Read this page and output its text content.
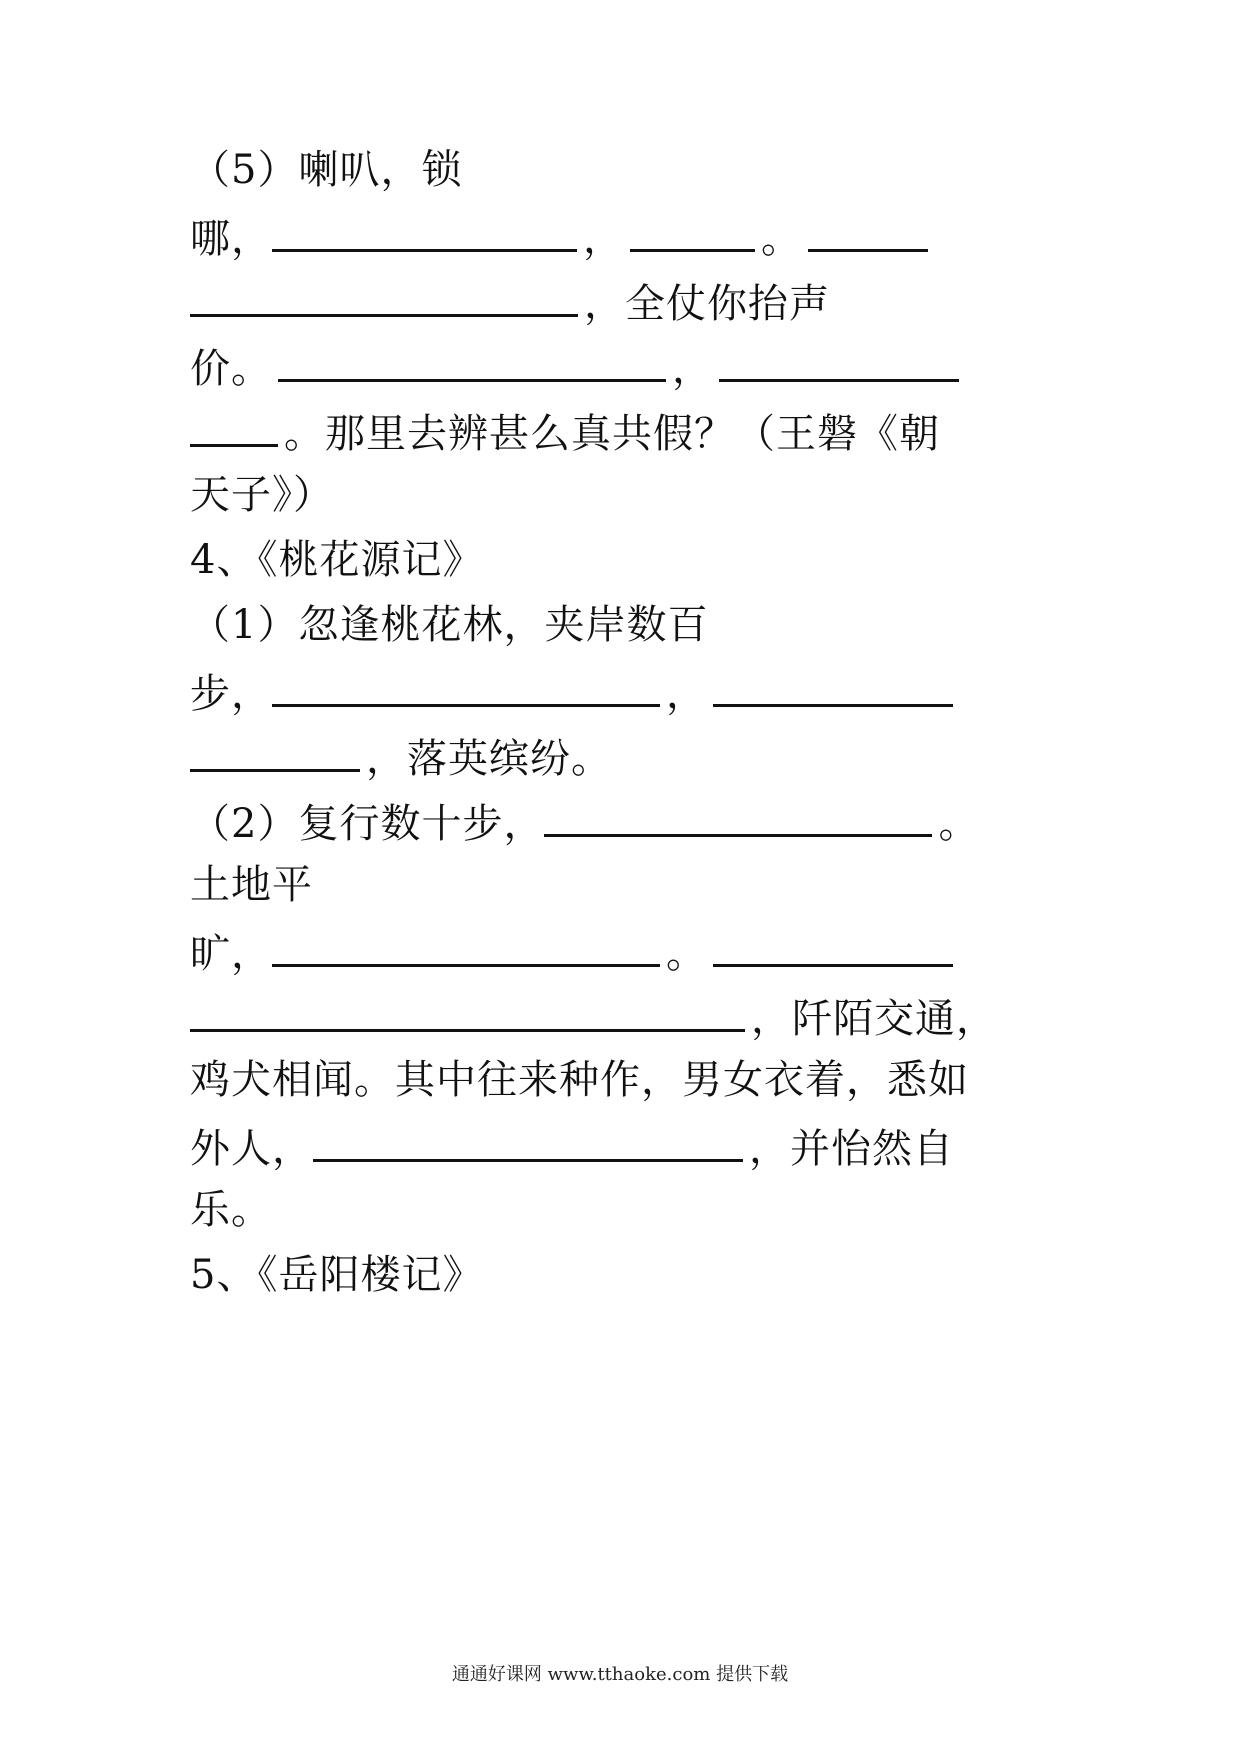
（5）喇叭，锁
哪，	，	。
，全仗你抬声
价。	，
。那里去辨甚么真共假？（王磐《朝
天子》）
4、《桃花源记》
（1）忽逢桃花林，夹岸数百
步，	，
，落英缤纷。
（2）复行数十步，	。
土地平
旷，	。
，阡陌交通，
鸡犬相闻。其中往来种作，男女衣着，悉如
外人，	，并怡然自
乐。
5、《岳阳楼记》
通通好课网 www.tthaoke.com 提供下载
